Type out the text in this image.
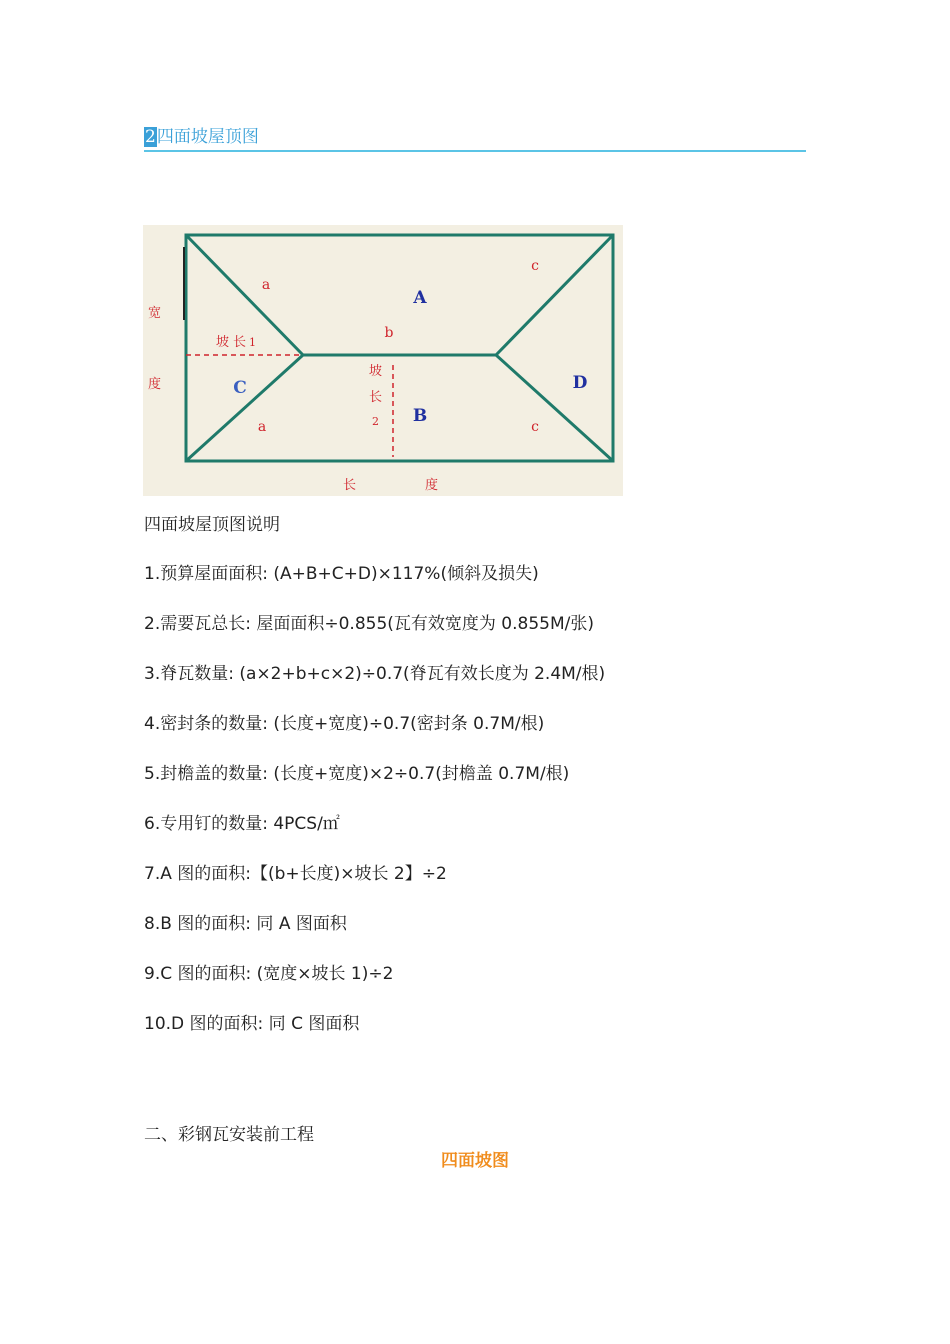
2四面坡屋顶图
a
a
b
c
c
坡 长 1
坡
长
2
宽
度
长	度
A
B
D
C
四面坡屋顶图说明
1.预算屋面面积: (A+B+C+D)×117%(倾斜及损失)
2.需要瓦总长: 屋面面积÷0.855(瓦有效宽度为 0.855M/张)
3.脊瓦数量: (a×2+b+c×2)÷0.7(脊瓦有效长度为 2.4M/根)
4.密封条的数量: (长度+宽度)÷0.7(密封条 0.7M/根)
5.封檐盖的数量: (长度+宽度)×2÷0.7(封檐盖 0.7M/根)
6.专用钉的数量: 4PCS/㎡
7.A 图的面积:【(b+长度)×坡长 2】÷2
8.B 图的面积: 同 A 图面积
9.C 图的面积: (宽度×坡长 1)÷2
10.D 图的面积: 同 C 图面积
二、彩钢瓦安装前工程
四面坡图
